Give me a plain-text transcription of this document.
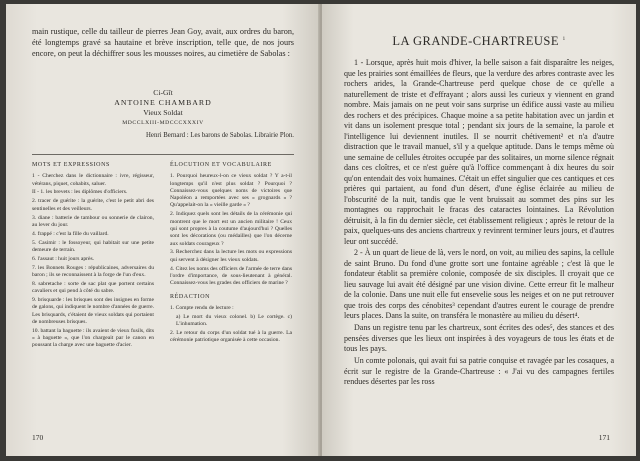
main rustique, celle du tailleur de pierres Jean Goy, avait, aux ordres du baron, été longtemps gravé sa hautaine et brève inscription, telle que, de nos jours encore, on peut la déchiffrer sous les mousses noires, au cimetière de Sabolas :

Ci-Gît
ANTOINE CHAMBARD
Vieux Soldat
MDCCLXIII-MDCCCXXXIV
Henri Bernard : Les barons de Sabolas. Librairie Plon.
MOTS ET EXPRESSIONS

1 - Cherchez dans le dictionnaire : ivre, régisseur, vétérans, piquet, cohabits, saluer.

II - 1. les brevets : les diplômes d'officiers.

2. tracer de guérite : la guérite, c'est le petit abri des sentinelles et des veilleurs.

3. diane : batterie de tambour ou sonnerie de clairon, au lever du jour.

4. frappé : c'est la fille du vaillard.

5. Casimir : le fossoyeur, qui habitait sur une petite demeure de terrain.

6. l'assaut : huit jours après.

7. les Bonnets Rouges : républicaines, adversaires du baron ; ils se reconnaissent à la forge de l'un d'eux.

8. sabretache : sorte de sac plat que portent certains cavaliers et qui pend à côté du sabre.

9. brisquarde : les brisques sont des insignes en forme de galons, qui indiquent le nombre d'années de guerre. Les brisquards, c'étaient de vieux soldats qui portaient de nombreuses brisques.

10. battant la baguette : ils avaient de vieux fusils, dits « à baguette », que l'on chargeait par le canon en poussant la charge avec une baguette d'acier.

ÉLOCUTION ET VOCABULAIRE

1. Pourquoi heureux-l-on ce vieux soldat ? Y a-t-il longtemps qu'il n'est plus soldat ? Pourquoi ? Connaissez-vous quelques noms de victoires que Napoléon a remportées avec ses « grognards » ? Qu'appelait-on la « vieille garde » ?

2. Indiquez quels sont les détails de la cérémonie qui montrent que le mort est un ancien militaire ! Ceux qui sont propres à la coutume d'aujourd'hui ? Quelles sont les décorations (ou médailles) que l'on décerne aux soldats courageux ?

3. Recherchez dans la lecture les mots ou expressions qui servent à désigner les vieux soldats.

4. Citez les noms des officiers de l'armée de terre dans l'ordre d'importance, de sous-lieutenant à général. Connaissez-vous les grades des officiers de marine ?

RÉDACTION

1. Compte rendu de lecture :

a) Le mort du vieux colonel. b) Le cortège. c) L'inhumation.

2. Le retour du corps d'un soldat tué à la guerre. La cérémonie patriotique organisée à cette occasion.

170
LA GRANDE-CHARTREUSE $^1$

1 - Lorsque, après huit mois d'hiver, la belle saison a fait disparaître les neiges, que les prairies sont émaillées de fleurs, que la verdure des arbres contraste avec les rochers arides, la Grande-Chartreuse perd quelque chose de ce qu'elle a naturellement de triste et d'effrayant ; alors aussi les curieux y viennent en grand nombre. Mais jamais on ne peut voir sans surprise un édifice aussi vaste au milieu des rochers et des précipices. Chaque moine a sa petite habitation avec un jardin et vit dans un isolement presque total ; pendant six jours de la semaine, la parole et l'intelligence lui deviennent inutiles. Il se nourrit chétivement² et n'a d'autre distraction que le travail manuel, s'il y a quelque aptitude. Dans le temps même où une semaine de cellules étroites occupée par des solitaires, un morne silence régnait dans ces cloîtres, et ce n'est guère qu'à l'office commençant à dix heures du soir qu'on entendait des voix humaines. C'était un effet singulier que ces cantiques et ces prières qui partaient, au fond d'un désert, d'une église éclairée au milieu de l'obscurité de la nuit, tandis que le vent bruissait au sommet des pins sur les montagnes ou rapprochait le fracas des cataractes lointaines. La Révolution détruisit, à la fin du dernier siècle, cet établissement religieux ; après le retour de la paix, quelques-uns des anciens chartreux y revinrent terminer leurs jours, et d'autres leur ont succédé.

2 - À un quart de lieue de là, vers le nord, on voit, au milieu des sapins, la cellule de saint Bruno. Du fond d'une grotte sort une fontaine agréable ; c'est là que le fondateur établit sa première colonie, composée de six disciples. Il croyait que ce lieu sauvage lui avait été désigné par une vision divine. Cette erreur fit le malheur de la colonie. Dans une nuit elle fut ensevelie sous les neiges et on ne put retrouver que trois des corps des cénobites³ cependant d'autres eurent le courage de prendre leurs places. Dans la suite, on transféra le monastère au milieu du désert⁴.

Dans un registre tenu par les chartreux, sont écrites des odes⁵, des stances et des pensées diverses que les lieux ont inspirées à des voyageurs de tous les états et de tous les pays.

Un comte polonais, qui avait fui sa patrie conquise et ravagée par les cosaques, a écrit sur le registre de la Grande-Chartreuse : « J'ai vu des campagnes fertiles rendues désertes par les ross

171
